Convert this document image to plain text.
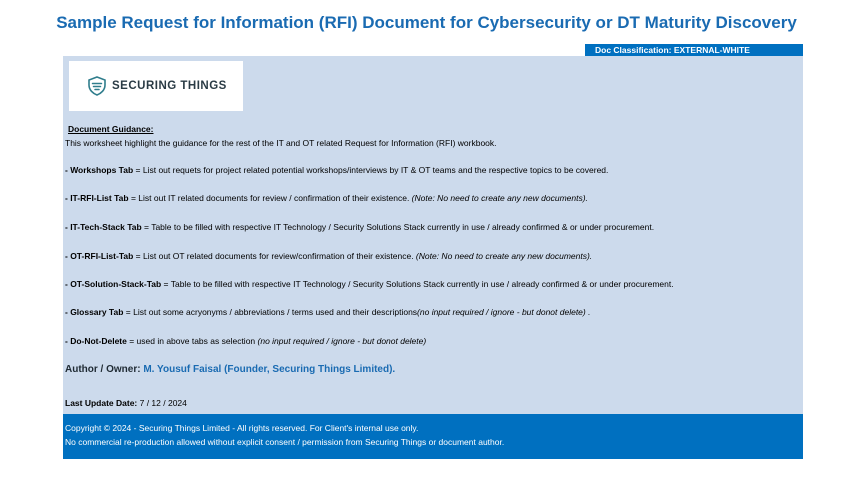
Sample Request for Information (RFI) Document for Cybersecurity or DT Maturity Discovery
Doc Classification: EXTERNAL-WHITE
SECURING THINGS
Document Guidance:
This worksheet highlight the guidance for the rest of the IT and OT related Request for Information (RFI) workbook.
- Workshops Tab = List out requets for project related potential workshops/interviews by IT & OT teams and the respective topics to be covered.
- IT-RFI-List Tab = List out IT related documents for review / confirmation of their existence. (Note: No need to create any new documents).
- IT-Tech-Stack Tab = Table to be filled with respective IT Technology / Security Solutions Stack currently in use / already confirmed & or under procurement.
- OT-RFI-List-Tab = List out OT related documents for review/confirmation of their existence. (Note: No need to create any new documents).
- OT-Solution-Stack-Tab = Table to be filled with respective IT Technology / Security Solutions Stack currently in use / already confirmed & or under procurement.
- Glossary Tab = List out some acryonyms / abbreviations / terms used and their descriptions(no input required / ignore - but donot delete) .
- Do-Not-Delete = used in above tabs as selection (no input required / ignore - but donot delete)
Author / Owner: M. Yousuf Faisal (Founder, Securing Things Limited).
Last Update Date: 7 / 12 / 2024
Copyright © 2024 - Securing Things Limited - All rights reserved. For Client's internal use only.
No commercial re-production allowed without explicit consent / permission from Securing Things or document author.
